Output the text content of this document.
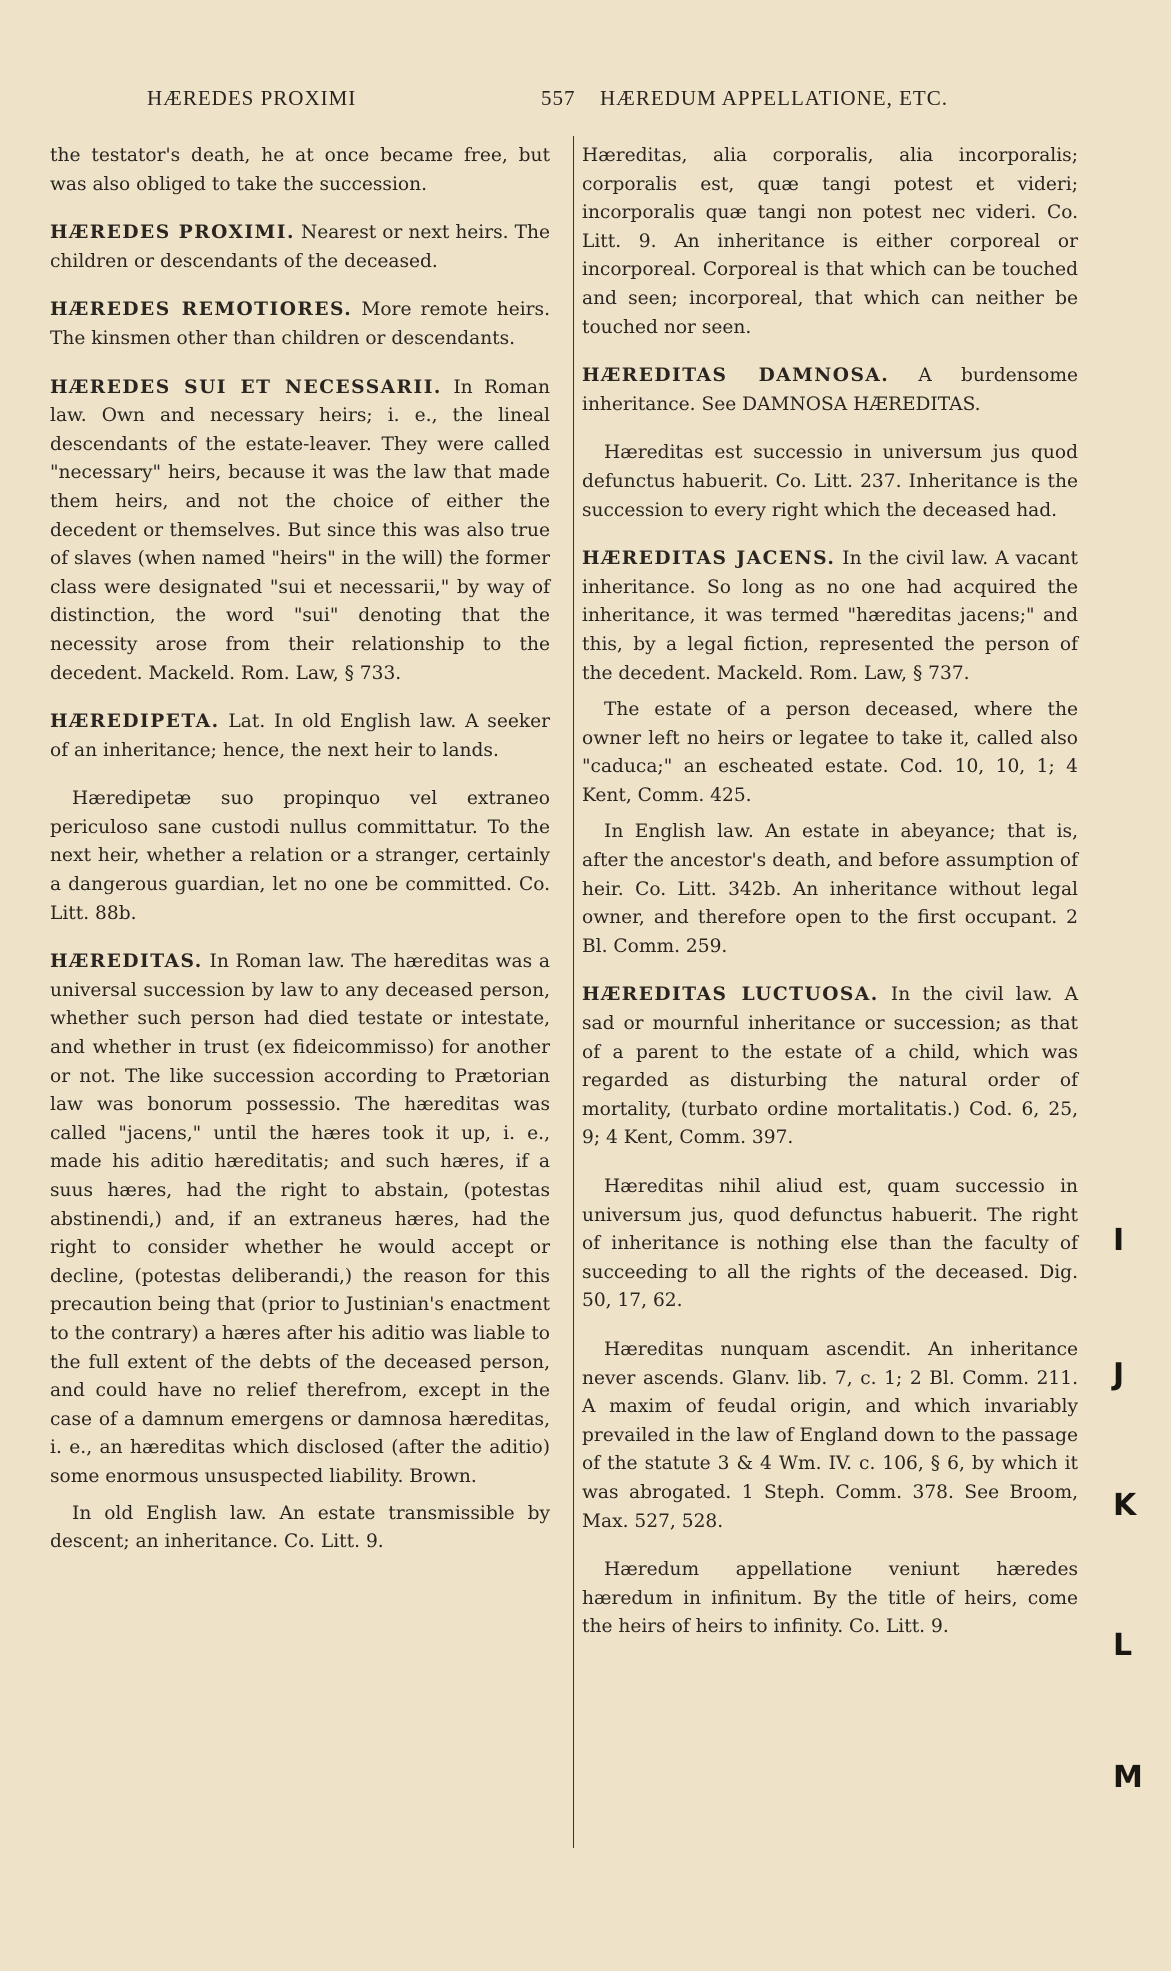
HÆREDES PROXIMI	557 HÆREDUM APPELLATIONE, ETC.
the testator's death, he at once became free, but was also obliged to take the succession.
HÆREDES PROXIMI. Nearest or next heirs. The children or descendants of the deceased.
HÆREDES REMOTIORES. More remote heirs. The kinsmen other than children or descendants.
HÆREDES SUI ET NECESSARII. In Roman law. Own and necessary heirs; i. e., the lineal descendants of the estate-leaver. They were called "necessary" heirs, because it was the law that made them heirs, and not the choice of either the decedent or themselves. But since this was also true of slaves (when named "heirs" in the will) the former class were designated "sui et necessarii," by way of distinction, the word "sui" denoting that the necessity arose from their relationship to the decedent. Mackeld. Rom. Law, § 733.
HÆREDIPETA. Lat. In old English law. A seeker of an inheritance; hence, the next heir to lands.
Hæredipetæ suo propinquo vel extraneo periculoso sane custodi nullus committatur. To the next heir, whether a relation or a stranger, certainly a dangerous guardian, let no one be committed. Co. Litt. 88b.
HÆREDITAS. In Roman law. The hæreditas was a universal succession by law to any deceased person, whether such person had died testate or intestate, and whether in trust (ex fideicommisso) for another or not. The like succession according to Prætorian law was bonorum possessio. The hæreditas was called "jacens," until the hæres took it up, i. e., made his aditio hæreditatis; and such hæres, if a suus hæres, had the right to abstain, (potestas abstinendi,) and, if an extraneus hæres, had the right to consider whether he would accept or decline, (potestas deliberandi,) the reason for this precaution being that (prior to Justinian's enactment to the contrary) a hæres after his aditio was liable to the full extent of the debts of the deceased person, and could have no relief therefrom, except in the case of a damnum emergens or damnosa hæreditas, i. e., an hæreditas which disclosed (after the aditio) some enormous unsuspected liability. Brown.
In old English law. An estate transmissible by descent; an inheritance. Co. Litt. 9.
Hæreditas, alia corporalis, alia incorporalis; corporalis est, quæ tangi potest et videri; incorporalis quæ tangi non potest nec videri. Co. Litt. 9. An inheritance is either corporeal or incorporeal. Corporeal is that which can be touched and seen; incorporeal, that which can neither be touched nor seen.
HÆREDITAS DAMNOSA. A burdensome inheritance. See DAMNOSA HÆREDITAS.
Hæreditas est successio in universum jus quod defunctus habuerit. Co. Litt. 237. Inheritance is the succession to every right which the deceased had.
HÆREDITAS JACENS. In the civil law. A vacant inheritance. So long as no one had acquired the inheritance, it was termed "hæreditas jacens;" and this, by a legal fiction, represented the person of the decedent. Mackeld. Rom. Law, § 737.
The estate of a person deceased, where the owner left no heirs or legatee to take it, called also "caduca;" an escheated estate. Cod. 10, 10, 1; 4 Kent, Comm. 425.
In English law. An estate in abeyance; that is, after the ancestor's death, and before assumption of heir. Co. Litt. 342b. An inheritance without legal owner, and therefore open to the first occupant. 2 Bl. Comm. 259.
HÆREDITAS LUCTUOSA. In the civil law. A sad or mournful inheritance or succession; as that of a parent to the estate of a child, which was regarded as disturbing the natural order of mortality, (turbato ordine mortalitatis.) Cod. 6, 25, 9; 4 Kent, Comm. 397.
Hæreditas nihil aliud est, quam successio in universum jus, quod defunctus habuerit. The right of inheritance is nothing else than the faculty of succeeding to all the rights of the deceased. Dig. 50, 17, 62.
Hæreditas nunquam ascendit. An inheritance never ascends. Glanv. lib. 7, c. 1; 2 Bl. Comm. 211. A maxim of feudal origin, and which invariably prevailed in the law of England down to the passage of the statute 3 & 4 Wm. IV. c. 106, § 6, by which it was abrogated. 1 Steph. Comm. 378. See Broom, Max. 527, 528.
Hæredum appellatione veniunt hæredes hæredum in infinitum. By the title of heirs, come the heirs of heirs to infinity. Co. Litt. 9.
I
J
K
L
M
